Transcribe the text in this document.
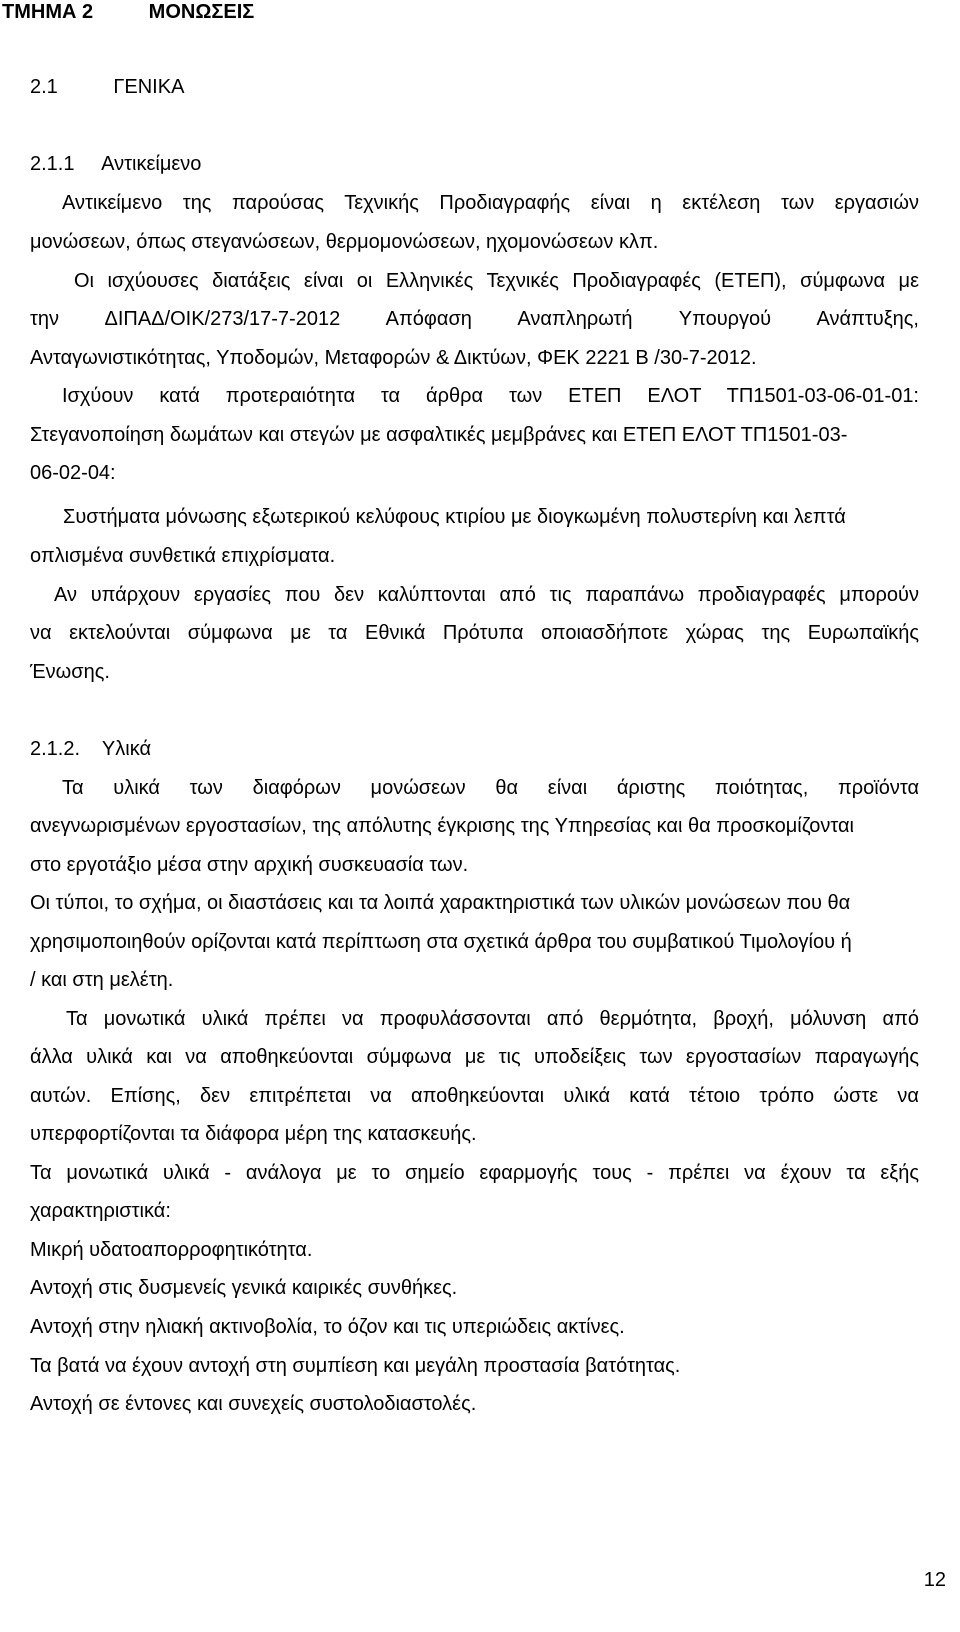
ΤΜΗΜΑ 2          ΜΟΝΩΣΕΙΣ
2.1          ΓΕΝΙΚΑ
2.1.1     Αντικείμενο
Αντικείμενο της παρούσας Τεχνικής Προδιαγραφής είναι η εκτέλεση των εργασιών
μονώσεων, όπως στεγανώσεων, θερμομονώσεων, ηχομονώσεων κλπ.
Οι ισχύουσες διατάξεις είναι οι Ελληνικές Τεχνικές Προδιαγραφές (ΕΤΕΠ), σύμφωνα με
την ΔΙΠΑΔ/ΟΙΚ/273/17-7-2012 Απόφαση Αναπληρωτή Υπουργού Ανάπτυξης,
Ανταγωνιστικότητας, Υποδομών, Μεταφορών & Δικτύων, ΦΕΚ 2221 Β /30-7-2012.
Ισχύουν κατά προτεραιότητα τα άρθρα των ΕΤΕΠ ΕΛΟΤ ΤΠ1501-03-06-01-01:
Στεγανοποίηση δωμάτων και στεγών με ασφαλτικές μεμβράνες και ΕΤΕΠ ΕΛΟΤ ΤΠ1501-03-
06-02-04:
Συστήματα μόνωσης εξωτερικού κελύφους κτιρίου με διογκωμένη πολυστερίνη και λεπτά
οπλισμένα συνθετικά επιχρίσματα.
Αν υπάρχουν εργασίες που δεν καλύπτονται από τις παραπάνω προδιαγραφές μπορούν
να εκτελούνται σύμφωνα με τα Εθνικά Πρότυπα οποιασδήποτε χώρας της Ευρωπαϊκής
Ένωσης.
2.1.2.    Υλικά
Τα υλικά των διαφόρων μονώσεων θα είναι άριστης ποιότητας, προϊόντα
ανεγνωρισμένων εργοστασίων, της απόλυτης έγκρισης της Υπηρεσίας και θα προσκομίζονται
στο εργοτάξιο μέσα στην αρχική συσκευασία των.
Οι τύποι, το σχήμα, οι διαστάσεις και τα λοιπά χαρακτηριστικά των υλικών μονώσεων που θα
χρησιμοποιηθούν ορίζονται κατά περίπτωση στα σχετικά άρθρα του συμβατικού Τιμολογίου ή
/ και στη μελέτη.
Τα μονωτικά υλικά πρέπει να προφυλάσσονται από θερμότητα, βροχή, μόλυνση από
άλλα υλικά και να αποθηκεύονται σύμφωνα με τις υποδείξεις των εργοστασίων παραγωγής
αυτών. Επίσης, δεν επιτρέπεται να αποθηκεύονται υλικά κατά τέτοιο τρόπο ώστε να
υπερφορτίζονται τα διάφορα μέρη της κατασκευής.
Τα μονωτικά υλικά - ανάλογα με το σημείο εφαρμογής τους - πρέπει να έχουν τα εξής
χαρακτηριστικά:
Μικρή υδατοαπορροφητικότητα.
Αντοχή στις δυσμενείς γενικά καιρικές συνθήκες.
Αντοχή στην ηλιακή ακτινοβολία, το όζον και τις υπεριώδεις ακτίνες.
Τα βατά να έχουν αντοχή στη συμπίεση και μεγάλη προστασία βατότητας.
Αντοχή σε έντονες και συνεχείς συστολοδιαστολές.
12
